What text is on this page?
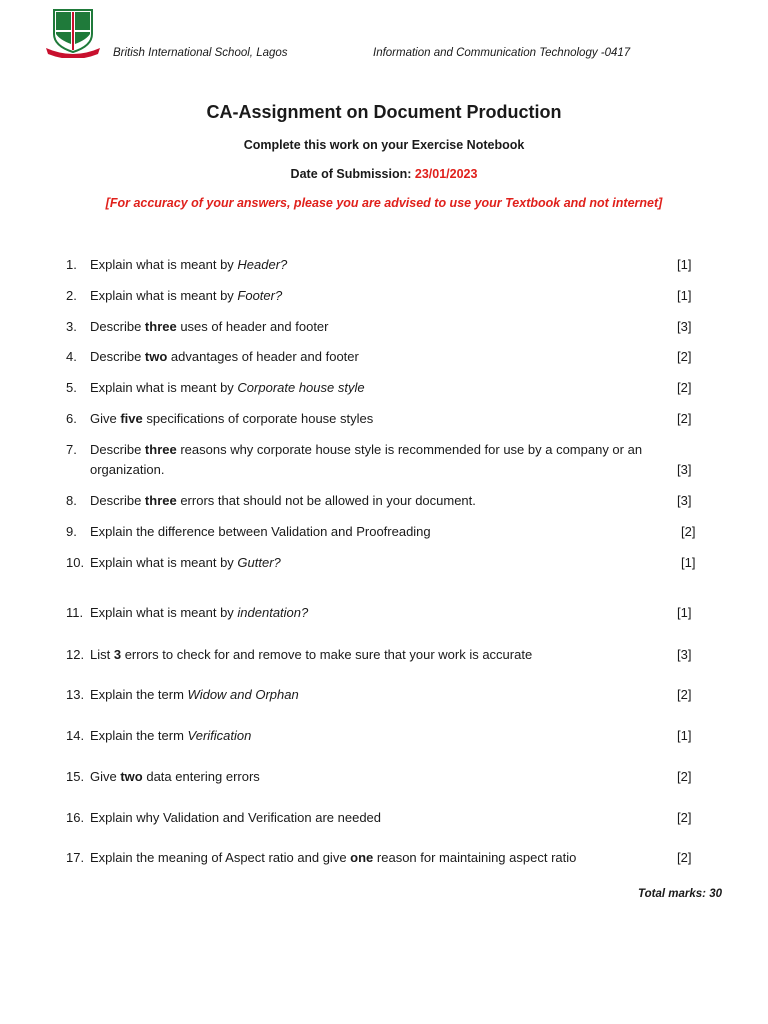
British International School, Lagos	Information and Communication Technology -0417
CA-Assignment on Document Production
Complete this work on your Exercise Notebook
Date of Submission: 23/01/2023
[For accuracy of your answers, please you are advised to use your Textbook and not internet]
1. Explain what is meant by Header?	[1]
2. Explain what is meant by Footer?	[1]
3. Describe three uses of header and footer	[3]
4. Describe two advantages of header and footer	[2]
5. Explain what is meant by Corporate house style	[2]
6. Give five specifications of corporate house styles	[2]
7. Describe three reasons why corporate house style is recommended for use by a company or an organization.	[3]
8. Describe three errors that should not be allowed in your document.	[3]
9. Explain the difference between Validation and Proofreading	[2]
10. Explain what is meant by Gutter?	[1]
11. Explain what is meant by indentation?	[1]
12. List 3 errors to check for and remove to make sure that your work is accurate	[3]
13. Explain the term Widow and Orphan	[2]
14. Explain the term Verification	[1]
15. Give two data entering errors	[2]
16. Explain why Validation and Verification are needed	[2]
17. Explain the meaning of Aspect ratio and give one reason for maintaining aspect ratio	[2]
Total marks: 30
